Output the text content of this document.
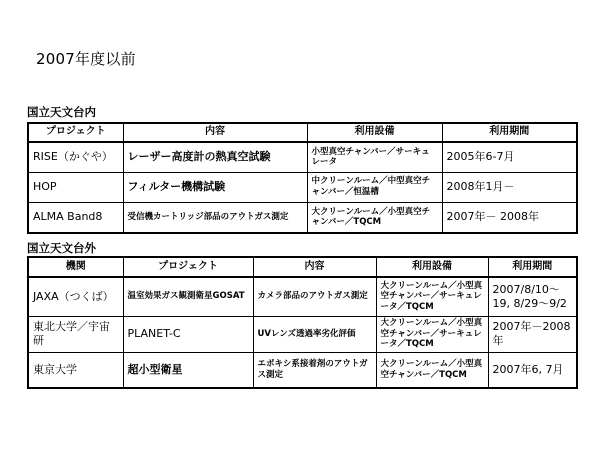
2007年度以前
国立天文台内
プロジェクト	内容	利用設備	利用期間
RISE（かぐや）	レーザー高度計の熱真空試験	小型真空チャンバー／サーキュレータ	2005年6-7月
HOP	フィルター機構試験	中クリーンルーム／中型真空チャンバー／恒温槽	2008年1月－
ALMA Band8	受信機カートリッジ部品のアウトガス測定	大クリーンルーム／小型真空チャンバー／TQCM	2007年－ 2008年
国立天文台外
機関	プロジェクト	内容	利用設備	利用期間
JAXA（つくば）	温室効果ガス観測衛星GOSAT	カメラ部品のアウトガス測定	大クリーンルーム／小型真空チャンバー／サーキュレータ／TQCM	2007/8/10～19, 8/29～9/2
東北大学／宇宙研	PLANET-C	UVレンズ透過率劣化評価	大クリーンルーム／小型真空チャンバー／サーキュレータ／TQCM	2007年－2008年
東京大学	超小型衛星	エポキシ系接着剤のアウトガス測定	大クリーンルーム／小型真空チャンバー／TQCM	2007年6, 7月
